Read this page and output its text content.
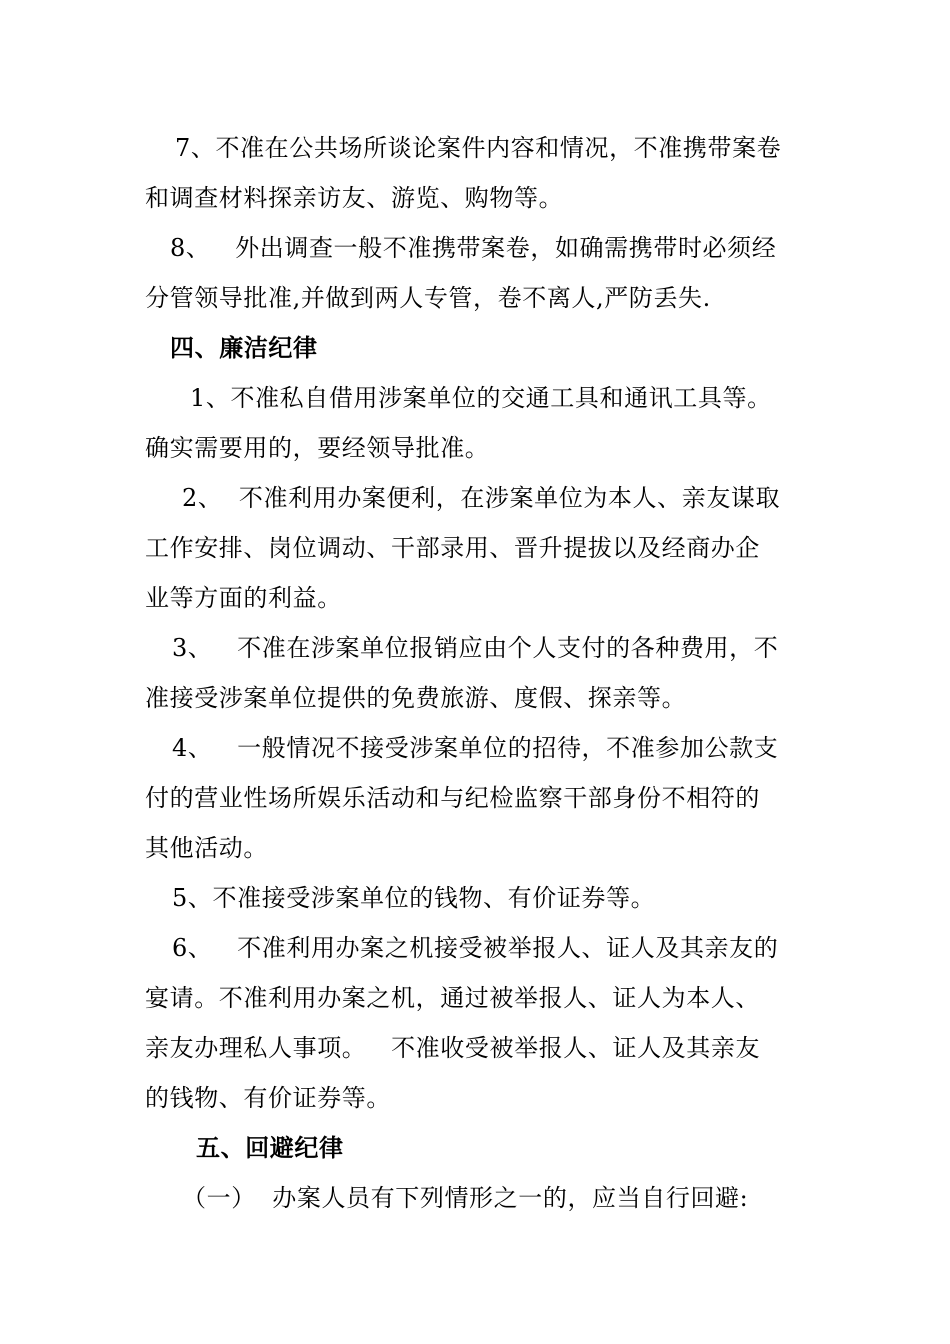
7、不准在公共场所谈论案件内容和情况，不准携带案卷
和调查材料探亲访友、游览、购物等。
8、   外出调查一般不准携带案卷，如确需携带时必须经
分管领导批准,并做到两人专管，卷不离人,严防丢失.
四、廉洁纪律
1、不准私自借用涉案单位的交通工具和通讯工具等。
确实需要用的，要经领导批准。
2、  不准利用办案便利，在涉案单位为本人、亲友谋取
工作安排、岗位调动、干部录用、晋升提拔以及经商办企
业等方面的利益。
3、   不准在涉案单位报销应由个人支付的各种费用，不
准接受涉案单位提供的免费旅游、度假、探亲等。
4、   一般情况不接受涉案单位的招待，不准参加公款支
付的营业性场所娱乐活动和与纪检监察干部身份不相符的
其他活动。
5、不准接受涉案单位的钱物、有价证券等。
6、   不准利用办案之机接受被举报人、证人及其亲友的
宴请。不准利用办案之机，通过被举报人、证人为本人、
亲友办理私人事项。   不准收受被举报人、证人及其亲友
的钱物、有价证券等。
五、回避纪律
（一）  办案人员有下列情形之一的，应当自行回避:
